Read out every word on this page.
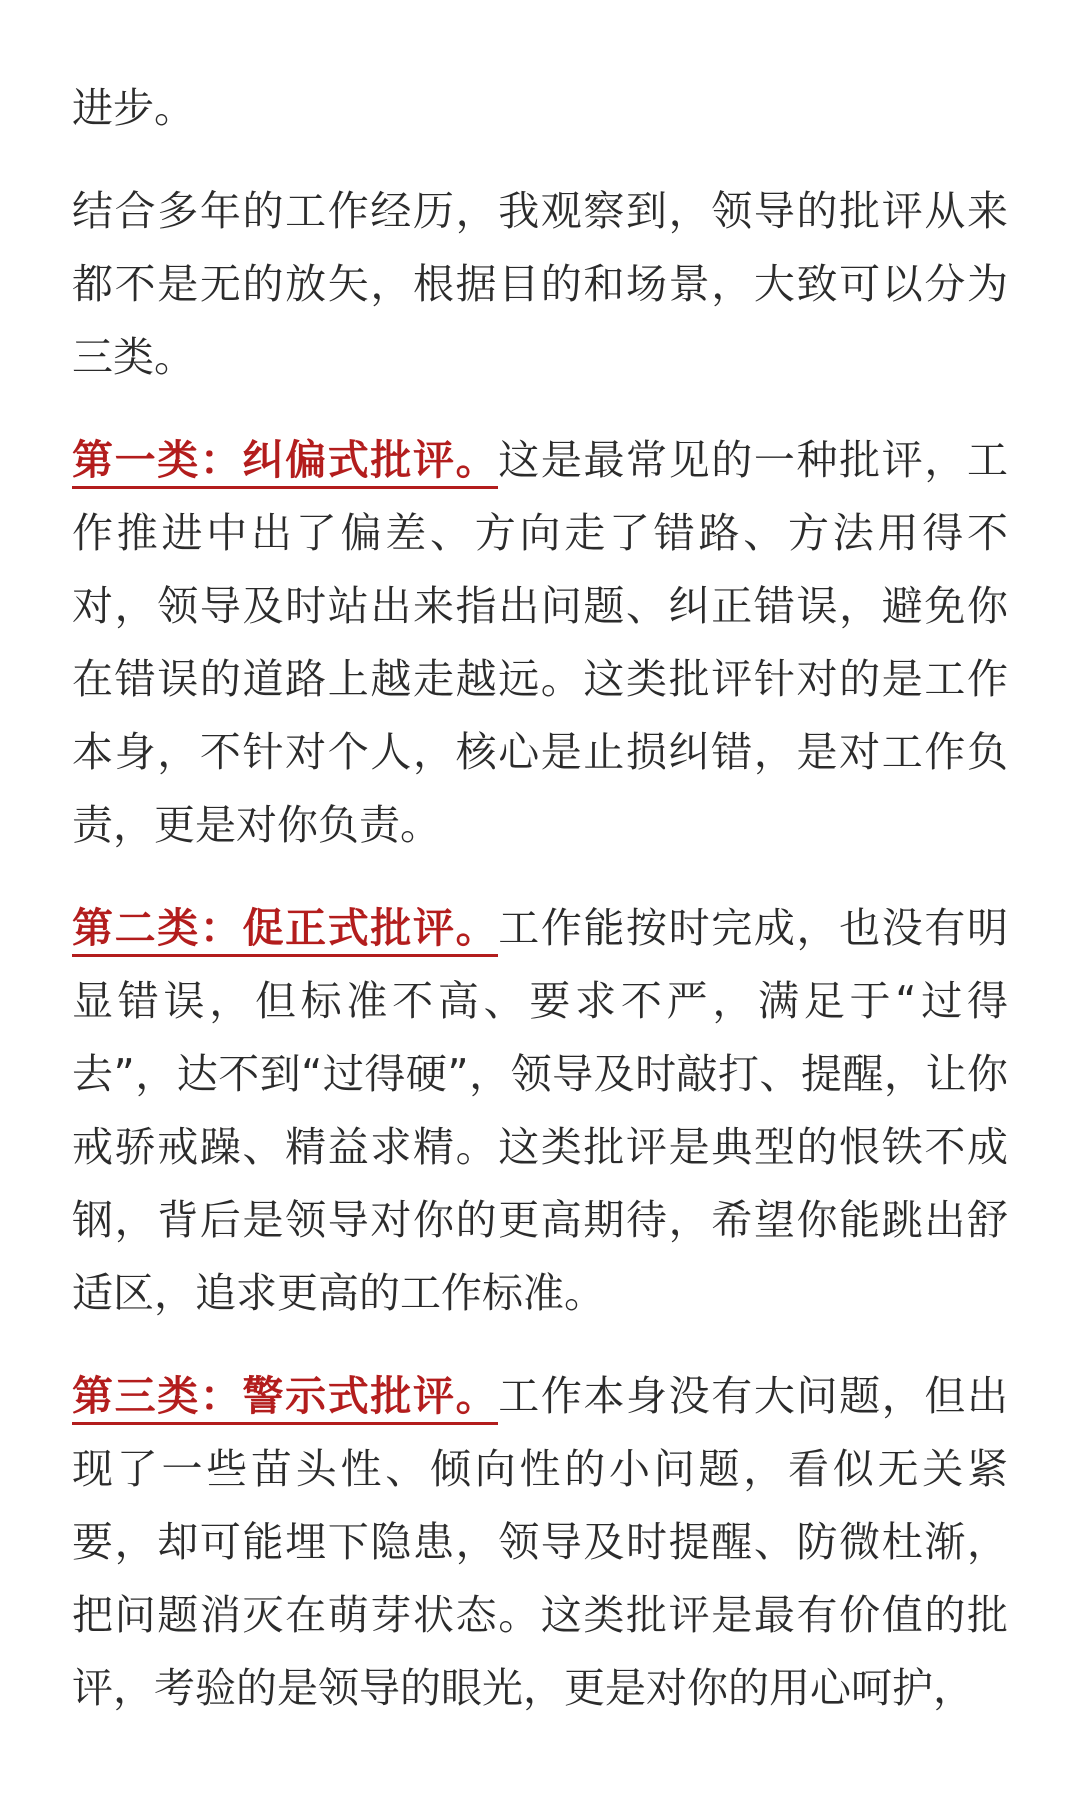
进步。

结合多年的工作经历，我观察到，领导的批评从来都不是无的放矢，根据目的和场景，大致可以分为三类。

第一类：纠偏式批评。这是最常见的一种批评，工作推进中出了偏差、方向走了错路、方法用得不对，领导及时站出来指出问题、纠正错误，避免你在错误的道路上越走越远。这类批评针对的是工作本身，不针对个人，核心是止损纠错，是对工作负责，更是对你负责。

第二类：促正式批评。工作能按时完成，也没有明显错误，但标准不高、要求不严，满足于“过得去”，达不到“过得硬”，领导及时敲打、提醒，让你戒骄戒躁、精益求精。这类批评是典型的恨铁不成钢，背后是领导对你的更高期待，希望你能跳出舒适区，追求更高的工作标准。

第三类：警示式批评。工作本身没有大问题，但出现了一些苗头性、倾向性的小问题，看似无关紧要，却可能埋下隐患，领导及时提醒、防微杜渐，把问题消灭在萌芽状态。这类批评是最有价值的批评，考验的是领导的眼光，更是对你的用心呵护，
